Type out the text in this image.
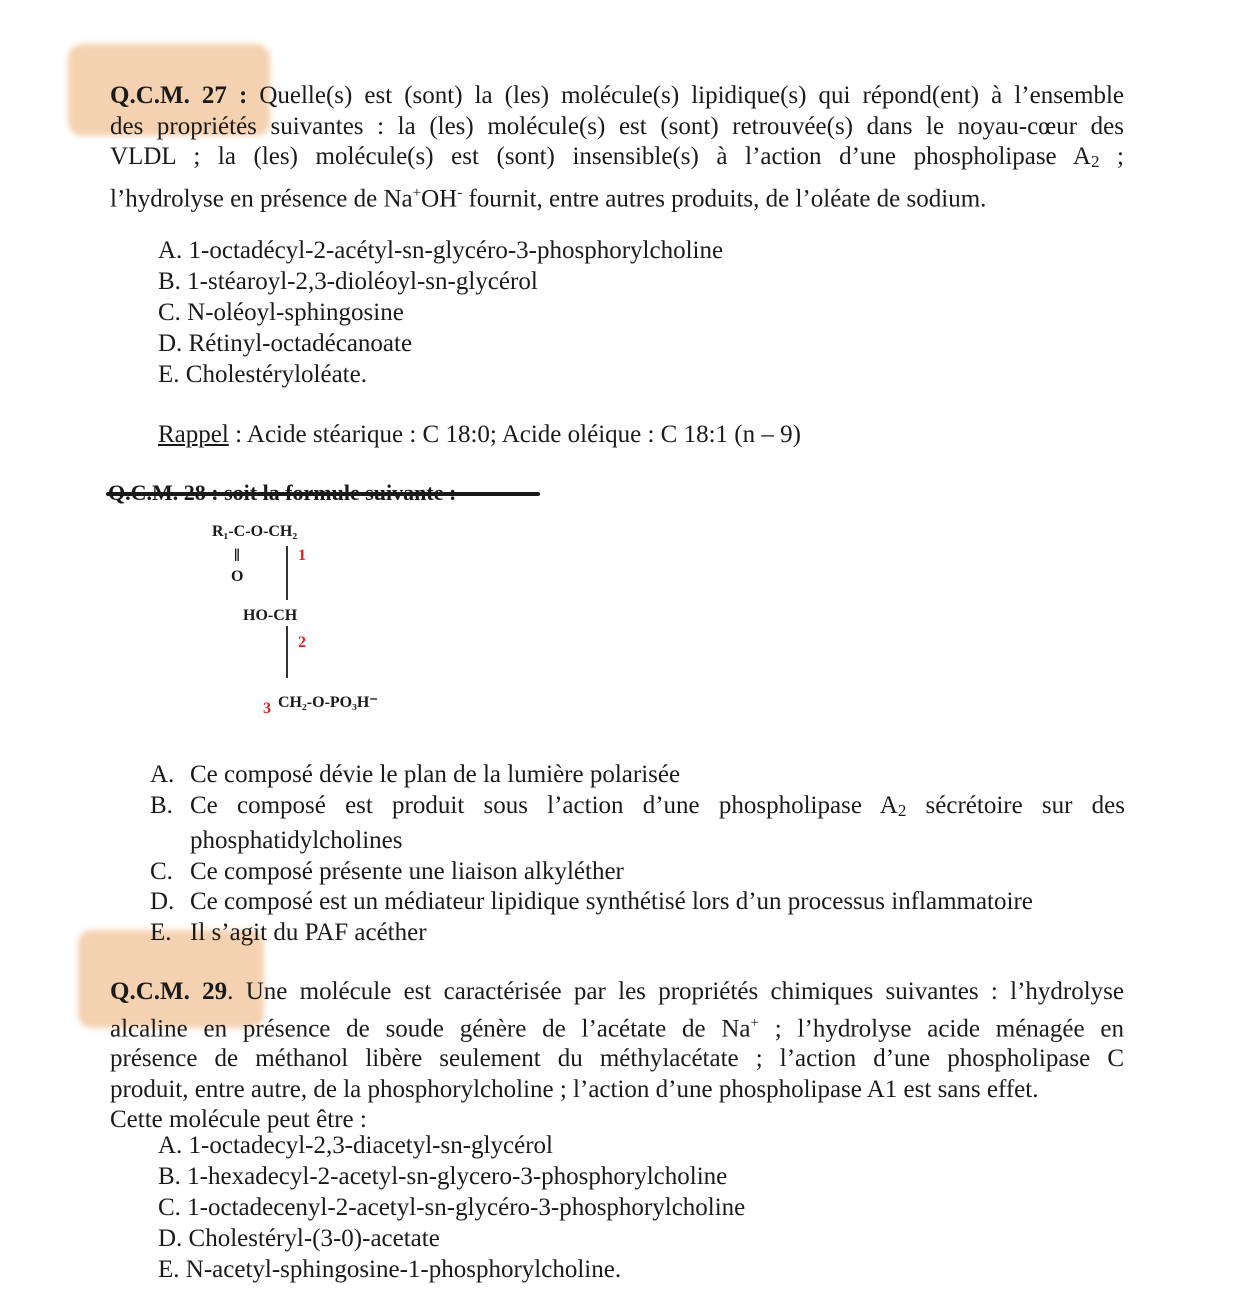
Q.C.M. 27 : Quelle(s) est (sont) la (les) molécule(s) lipidique(s) qui répond(ent) à l’ensemble
des propriétés suivantes : la (les) molécule(s) est (sont) retrouvée(s) dans le noyau-cœur des
VLDL ; la (les) molécule(s) est (sont) insensible(s) à l’action d’une phospholipase $A_2$ ;
l’hydrolyse en présence de Na+OH- fournit, entre autres produits, de l’oléate de sodium.
A. 1-octadécyl-2-acétyl-sn-glycéro-3-phosphorylcholine
B. 1-stéaroyl-2,3-dioléoyl-sn-glycérol
C. N-oléoyl-sphingosine
D. Rétinyl-octadécanoate
E. Cholestéryloléate.
Rappel : Acide stéarique : C 18:0; Acide oléique : C 18:1 (n – 9)
R₁-C-O-CH₂
‖
O
1
HO-CH
2
3 CH₂-O-PO₃H⁻
A. Ce composé dévie le plan de la lumière polarisée
B. Ce composé est produit sous l’action d’une phospholipase $A_2$ sécrétoire sur des
phosphatidylcholines
C. Ce composé présente une liaison alkyléther
D. Ce composé est un médiateur lipidique synthétisé lors d’un processus inflammatoire
E. Il s’agit du PAF acéther
Q.C.M. 29. Une molécule est caractérisée par les propriétés chimiques suivantes : l’hydrolyse
alcaline en présence de soude génère de l’acétate de Na+ ; l’hydrolyse acide ménagée en
présence de méthanol libère seulement du méthylacétate ; l’action d’une phospholipase C
produit, entre autre, de la phosphorylcholine ; l’action d’une phospholipase A1 est sans effet.
Cette molécule peut être :
A. 1-octadecyl-2,3-diacetyl-sn-glycérol
B. 1-hexadecyl-2-acetyl-sn-glycero-3-phosphorylcholine
C. 1-octadecenyl-2-acetyl-sn-glycéro-3-phosphorylcholine
D. Cholestéryl-(3-0)-acetate
E. N-acetyl-sphingosine-1-phosphorylcholine.
